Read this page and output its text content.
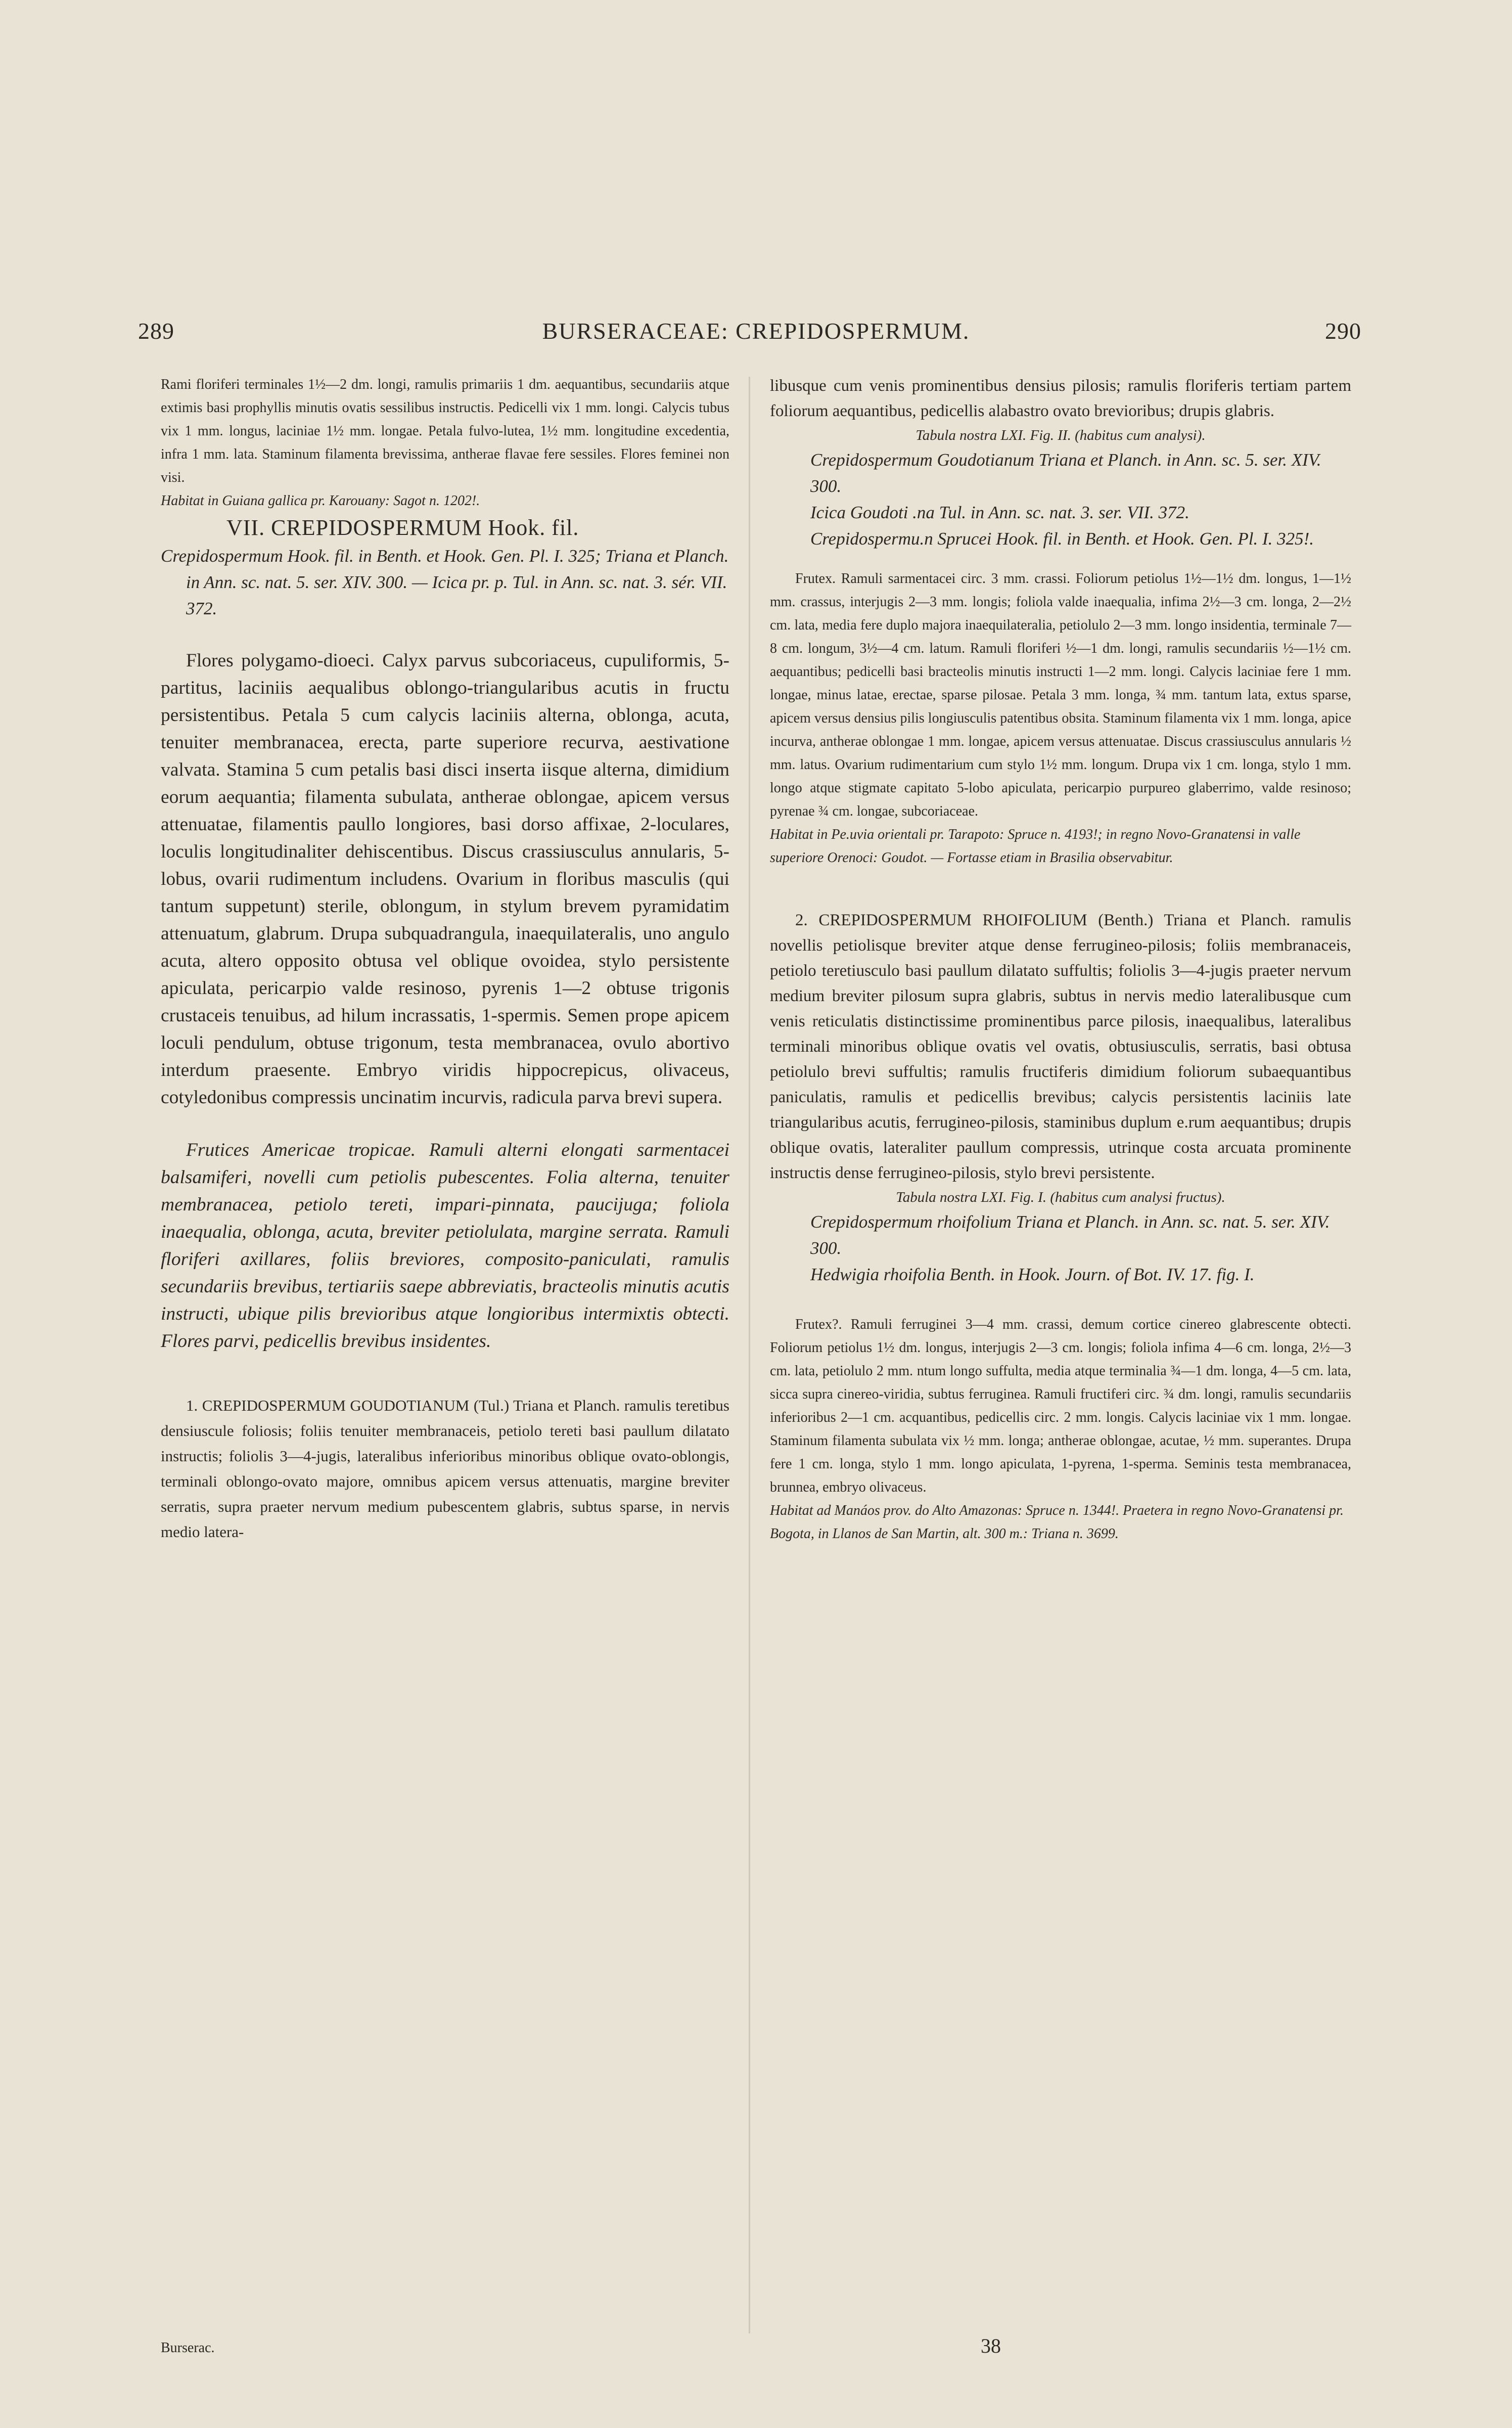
289	BURSERACEAE: CREPIDOSPERMUM.	290

Rami floriferi terminales 1½—2 dm. longi, ramulis primariis 1 dm. aequantibus, secundariis atque extimis basi prophyllis minutis ovatis sessilibus instructis. Pedicelli vix 1 mm. longi. Calycis tubus vix 1 mm. longus, laciniae 1½ mm. longae. Petala fulvo-lutea, 1½ mm. longitudine excedentia, infra 1 mm. lata. Staminum filamenta brevissima, antherae flavae fere sessiles. Flores feminei non visi.

Habitat in Guiana gallica pr. Karouany: Sagot n. 1202!.

VII. CREPIDOSPERMUM Hook. fil.

Crepidospermum Hook. fil. in Benth. et Hook. Gen. Pl. I. 325; Triana et Planch. in Ann. sc. nat. 5. ser. XIV. 300. — Icica pr. p. Tul. in Ann. sc. nat. 3. sér. VII. 372.

Flores polygamo-dioeci. Calyx parvus subcoriaceus, cupuliformis, 5-partitus, laciniis aequalibus oblongo-triangularibus acutis in fructu persistentibus. Petala 5 cum calycis laciniis alterna, oblonga, acuta, tenuiter membranacea, erecta, parte superiore recurva, aestivatione valvata. Stamina 5 cum petalis basi disci inserta iisque alterna, dimidium eorum aequantia; filamenta subulata, antherae oblongae, apicem versus attenuatae, filamentis paullo longiores, basi dorso affixae, 2-loculares, loculis longitudinaliter dehiscentibus. Discus crassiusculus annularis, 5-lobus, ovarii rudimentum includens. Ovarium in floribus masculis (qui tantum suppetunt) sterile, oblongum, in stylum brevem pyramidatim attenuatum, glabrum. Drupa subquadrangula, inaequilateralis, uno angulo acuta, altero opposito obtusa vel oblique ovoidea, stylo persistente apiculata, pericarpio valde resinoso, pyrenis 1—2 obtuse trigonis crustaceis tenuibus, ad hilum incrassatis, 1-spermis. Semen prope apicem loculi pendulum, obtuse trigonum, testa membranacea, ovulo abortivo interdum praesente. Embryo viridis hippocrepicus, olivaceus, cotyledonibus compressis uncinatim incurvis, radicula parva brevi supera.

Frutices Americae tropicae. Ramuli alterni elongati sarmentacei balsamiferi, novelli cum petiolis pubescentes. Folia alterna, tenuiter membranacea, petiolo tereti, impari-pinnata, paucijuga; foliola inaequalia, oblonga, acuta, breviter petiolulata, margine serrata. Ramuli floriferi axillares, foliis breviores, composito-paniculati, ramulis secundariis brevibus, tertiariis saepe abbreviatis, bracteolis minutis acutis instructi, ubique pilis brevioribus atque longioribus intermixtis obtecti. Flores parvi, pedicellis brevibus insidentes.

1. CREPIDOSPERMUM GOUDOTIANUM (Tul.) Triana et Planch. ramulis teretibus densiuscule foliosis; foliis tenuiter membranaceis, petiolo tereti basi paullum dilatato instructis; foliolis 3—4-jugis, lateralibus inferioribus minoribus oblique ovato-oblongis, terminali oblongo-ovato majore, omnibus apicem versus attenuatis, margine breviter serratis, supra praeter nervum medium pubescentem glabris, subtus sparse, in nervis medio latera-

libusque cum venis prominentibus densius pilosis; ramulis floriferis tertiam partem foliorum aequantibus, pedicellis alabastro ovato brevioribus; drupis glabris.

Tabula nostra LXI. Fig. II. (habitus cum analysi).

Crepidospermum Goudotianum Triana et Planch. in Ann. sc. 5. ser. XIV. 300.

Icica Goudoti .na Tul. in Ann. sc. nat. 3. ser. VII. 372.

Crepidospermu.n Sprucei Hook. fil. in Benth. et Hook. Gen. Pl. I. 325!.

Frutex. Ramuli sarmentacei circ. 3 mm. crassi. Foliorum petiolus 1½—1½ dm. longus, 1—1½ mm. crassus, interjugis 2—3 mm. longis; foliola valde inaequalia, infima 2½—3 cm. longa, 2—2½ cm. lata, media fere duplo majora inaequilateralia, petiolulo 2—3 mm. longo insidentia, terminale 7—8 cm. longum, 3½—4 cm. latum. Ramuli floriferi ½—1 dm. longi, ramulis secundariis ½—1½ cm. aequantibus; pedicelli basi bracteolis minutis instructi 1—2 mm. longi. Calycis laciniae fere 1 mm. longae, minus latae, erectae, sparse pilosae. Petala 3 mm. longa, ¾ mm. tantum lata, extus sparse, apicem versus densius pilis longiusculis patentibus obsita. Staminum filamenta vix 1 mm. longa, apice incurva, antherae oblongae 1 mm. longae, apicem versus attenuatae. Discus crassiusculus annularis ½ mm. latus. Ovarium rudimentarium cum stylo 1½ mm. longum. Drupa vix 1 cm. longa, stylo 1 mm. longo atque stigmate capitato 5-lobo apiculata, pericarpio purpureo glaberrimo, valde resinoso; pyrenae ¾ cm. longae, subcoriaceae.

Habitat in Pe.uvia orientali pr. Tarapoto: Spruce n. 4193!; in regno Novo-Granatensi in valle superiore Orenoci: Goudot. — Fortasse etiam in Brasilia observabitur.

2. CREPIDOSPERMUM RHOIFOLIUM (Benth.) Triana et Planch. ramulis novellis petiolisque breviter atque dense ferrugineo-pilosis; foliis membranaceis, petiolo teretiusculo basi paullum dilatato suffultis; foliolis 3—4-jugis praeter nervum medium breviter pilosum supra glabris, subtus in nervis medio lateralibusque cum venis reticulatis distinctissime prominentibus parce pilosis, inaequalibus, lateralibus terminali minoribus oblique ovatis vel ovatis, obtusiusculis, serratis, basi obtusa petiolulo brevi suffultis; ramulis fructiferis dimidium foliorum subaequantibus paniculatis, ramulis et pedicellis brevibus; calycis persistentis laciniis late triangularibus acutis, ferrugineo-pilosis, staminibus duplum e.rum aequantibus; drupis oblique ovatis, lateraliter paullum compressis, utrinque costa arcuata prominente instructis dense ferrugineo-pilosis, stylo brevi persistente.

Tabula nostra LXI. Fig. I. (habitus cum analysi fructus).

Crepidospermum rhoifolium Triana et Planch. in Ann. sc. nat. 5. ser. XIV. 300.

Hedwigia rhoifolia Benth. in Hook. Journ. of Bot. IV. 17. fig. I.

Frutex?. Ramuli ferruginei 3—4 mm. crassi, demum cortice cinereo glabrescente obtecti. Foliorum petiolus 1½ dm. longus, interjugis 2—3 cm. longis; foliola infima 4—6 cm. longa, 2½—3 cm. lata, petiolulo 2 mm. ntum longo suffulta, media atque terminalia ¾—1 dm. longa, 4—5 cm. lata, sicca supra cinereo-viridia, subtus ferruginea. Ramuli fructiferi circ. ¾ dm. longi, ramulis secundariis inferioribus 2—1 cm. acquantibus, pedicellis circ. 2 mm. longis. Calycis laciniae vix 1 mm. longae. Staminum filamenta subulata vix ½ mm. longa; antherae oblongae, acutae, ½ mm. superantes. Drupa fere 1 cm. longa, stylo 1 mm. longo apiculata, 1-pyrena, 1-sperma. Seminis testa membranacea, brunnea, embryo olivaceus.

Habitat ad Manáos prov. do Alto Amazonas: Spruce n. 1344!. Praetera in regno Novo-Granatensi pr. Bogota, in Llanos de San Martin, alt. 300 m.: Triana n. 3699.

Burserac.	38
